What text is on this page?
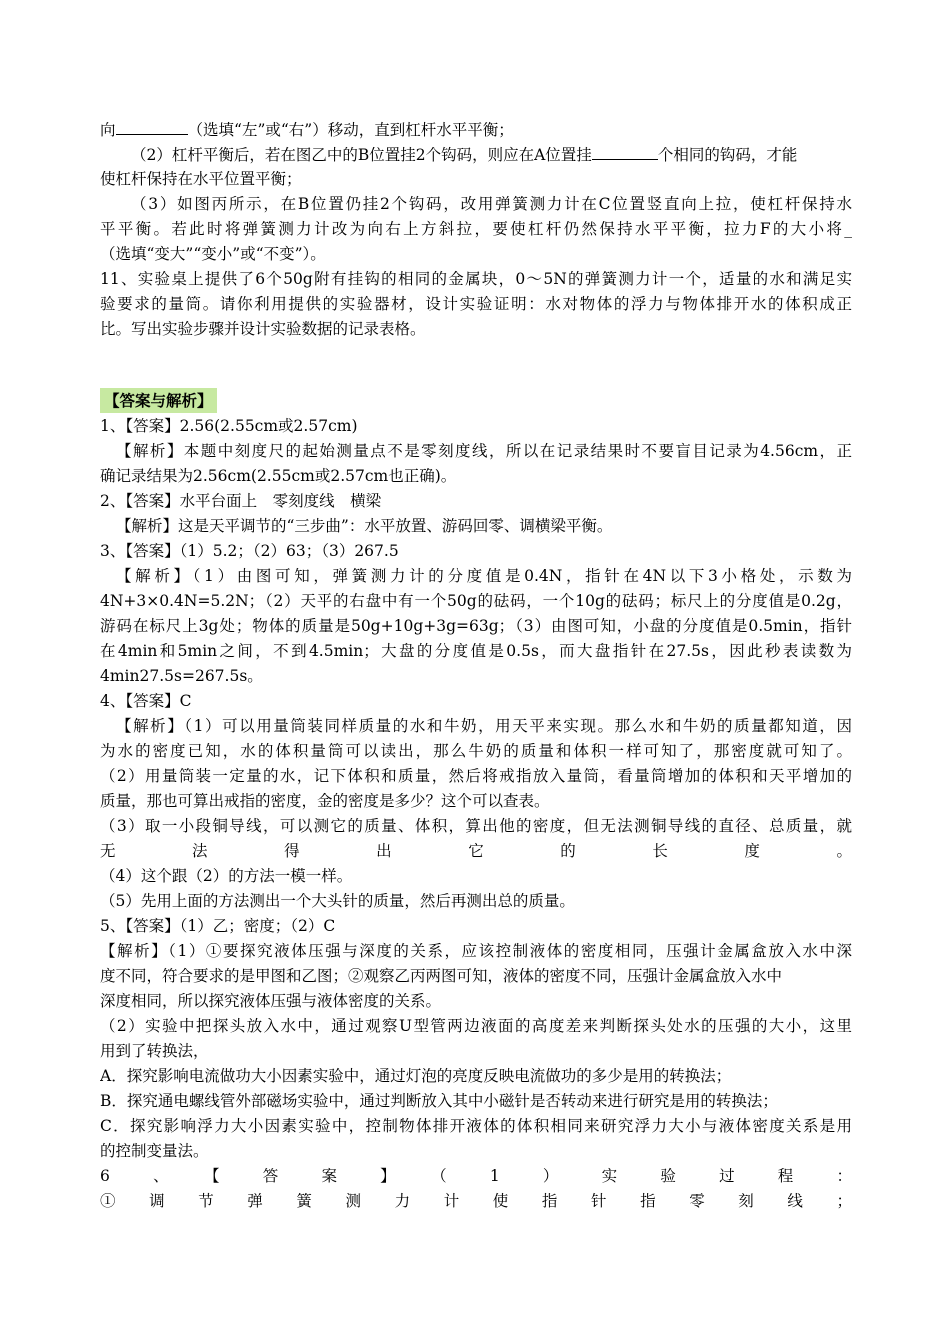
向	（选填“左”或“右”）移动，直到杠杆水平平衡；
（2）杠杆平衡后，若在图乙中的B位置挂2个钩码，则应在A位置挂	个相同的钩码，才能
使杠杆保持在水平位置平衡；
（3）如图丙所示，在B位置仍挂2个钩码，改用弹簧测力计在C位置竖直向上拉，使杠杆保持水
平平衡。若此时将弹簧测力计改为向右上方斜拉，要使杠杆仍然保持水平平衡，拉力F的大小将_
（选填“变大”“变小”或“不变”）。
11、实验桌上提供了6个50g附有挂钩的相同的金属块，0～5N的弹簧测力计一个，适量的水和满足实
验要求的量筒。请你利用提供的实验器材，设计实验证明：水对物体的浮力与物体排开水的体积成正
比。写出实验步骤并设计实验数据的记录表格。
【答案与解析】
1、【答案】2.56(2.55cm或2.57cm)
【解析】本题中刻度尺的起始测量点不是零刻度线，所以在记录结果时不要盲目记录为4.56cm，正
确记录结果为2.56cm(2.55cm或2.57cm也正确)。
2、【答案】水平台面上　零刻度线　横梁
【解析】这是天平调节的“三步曲”：水平放置、游码回零、调横梁平衡。
3、【答案】（1）5.2；（2）63；（3）267.5
【解析】（1）由图可知，弹簧测力计的分度值是0.4N，指针在4N以下3小格处，示数为
4N+3×0.4N=5.2N；（2）天平的右盘中有一个50g的砝码，一个10g的砝码；标尺上的分度值是0.2g，
游码在标尺上3g处；物体的质量是50g+10g+3g=63g；（3）由图可知，小盘的分度值是0.5min，指针
在4min和5min之间，不到4.5min；大盘的分度值是0.5s，而大盘指针在27.5s，因此秒表读数为
4min27.5s=267.5s。
4、【答案】C
【解析】（1）可以用量筒装同样质量的水和牛奶，用天平来实现。那么水和牛奶的质量都知道，因
为水的密度已知，水的体积量筒可以读出，那么牛奶的质量和体积一样可知了，那密度就可知了。
（2）用量筒装一定量的水，记下体积和质量，然后将戒指放入量筒，看量筒增加的体积和天平增加的
质量，那也可算出戒指的密度，金的密度是多少？这个可以查表。
（3）取一小段铜导线，可以测它的质量、体积，算出他的密度，但无法测铜导线的直径、总质量，就
无法得出它的长度。
（4）这个跟（2）的方法一模一样。
（5）先用上面的方法测出一个大头针的质量，然后再测出总的质量。
5、【答案】（1）乙；密度；（2）C
【解析】（1）①要探究液体压强与深度的关系，应该控制液体的密度相同，压强计金属盒放入水中深
度不同，符合要求的是甲图和乙图；②观察乙丙两图可知，液体的密度不同，压强计金属盒放入水中
深度相同，所以探究液体压强与液体密度的关系。
（2）实验中把探头放入水中，通过观察U型管两边液面的高度差来判断探头处水的压强的大小，这里
用到了转换法，
A．探究影响电流做功大小因素实验中，通过灯泡的亮度反映电流做功的多少是用的转换法；
B．探究通电螺线管外部磁场实验中，通过判断放入其中小磁针是否转动来进行研究是用的转换法；
C．探究影响浮力大小因素实验中，控制物体排开液体的体积相同来研究浮力大小与液体密度关系是用
的控制变量法。
6、【答案】（1）实验过程：
①调节弹簧测力计使指针指零刻线；
